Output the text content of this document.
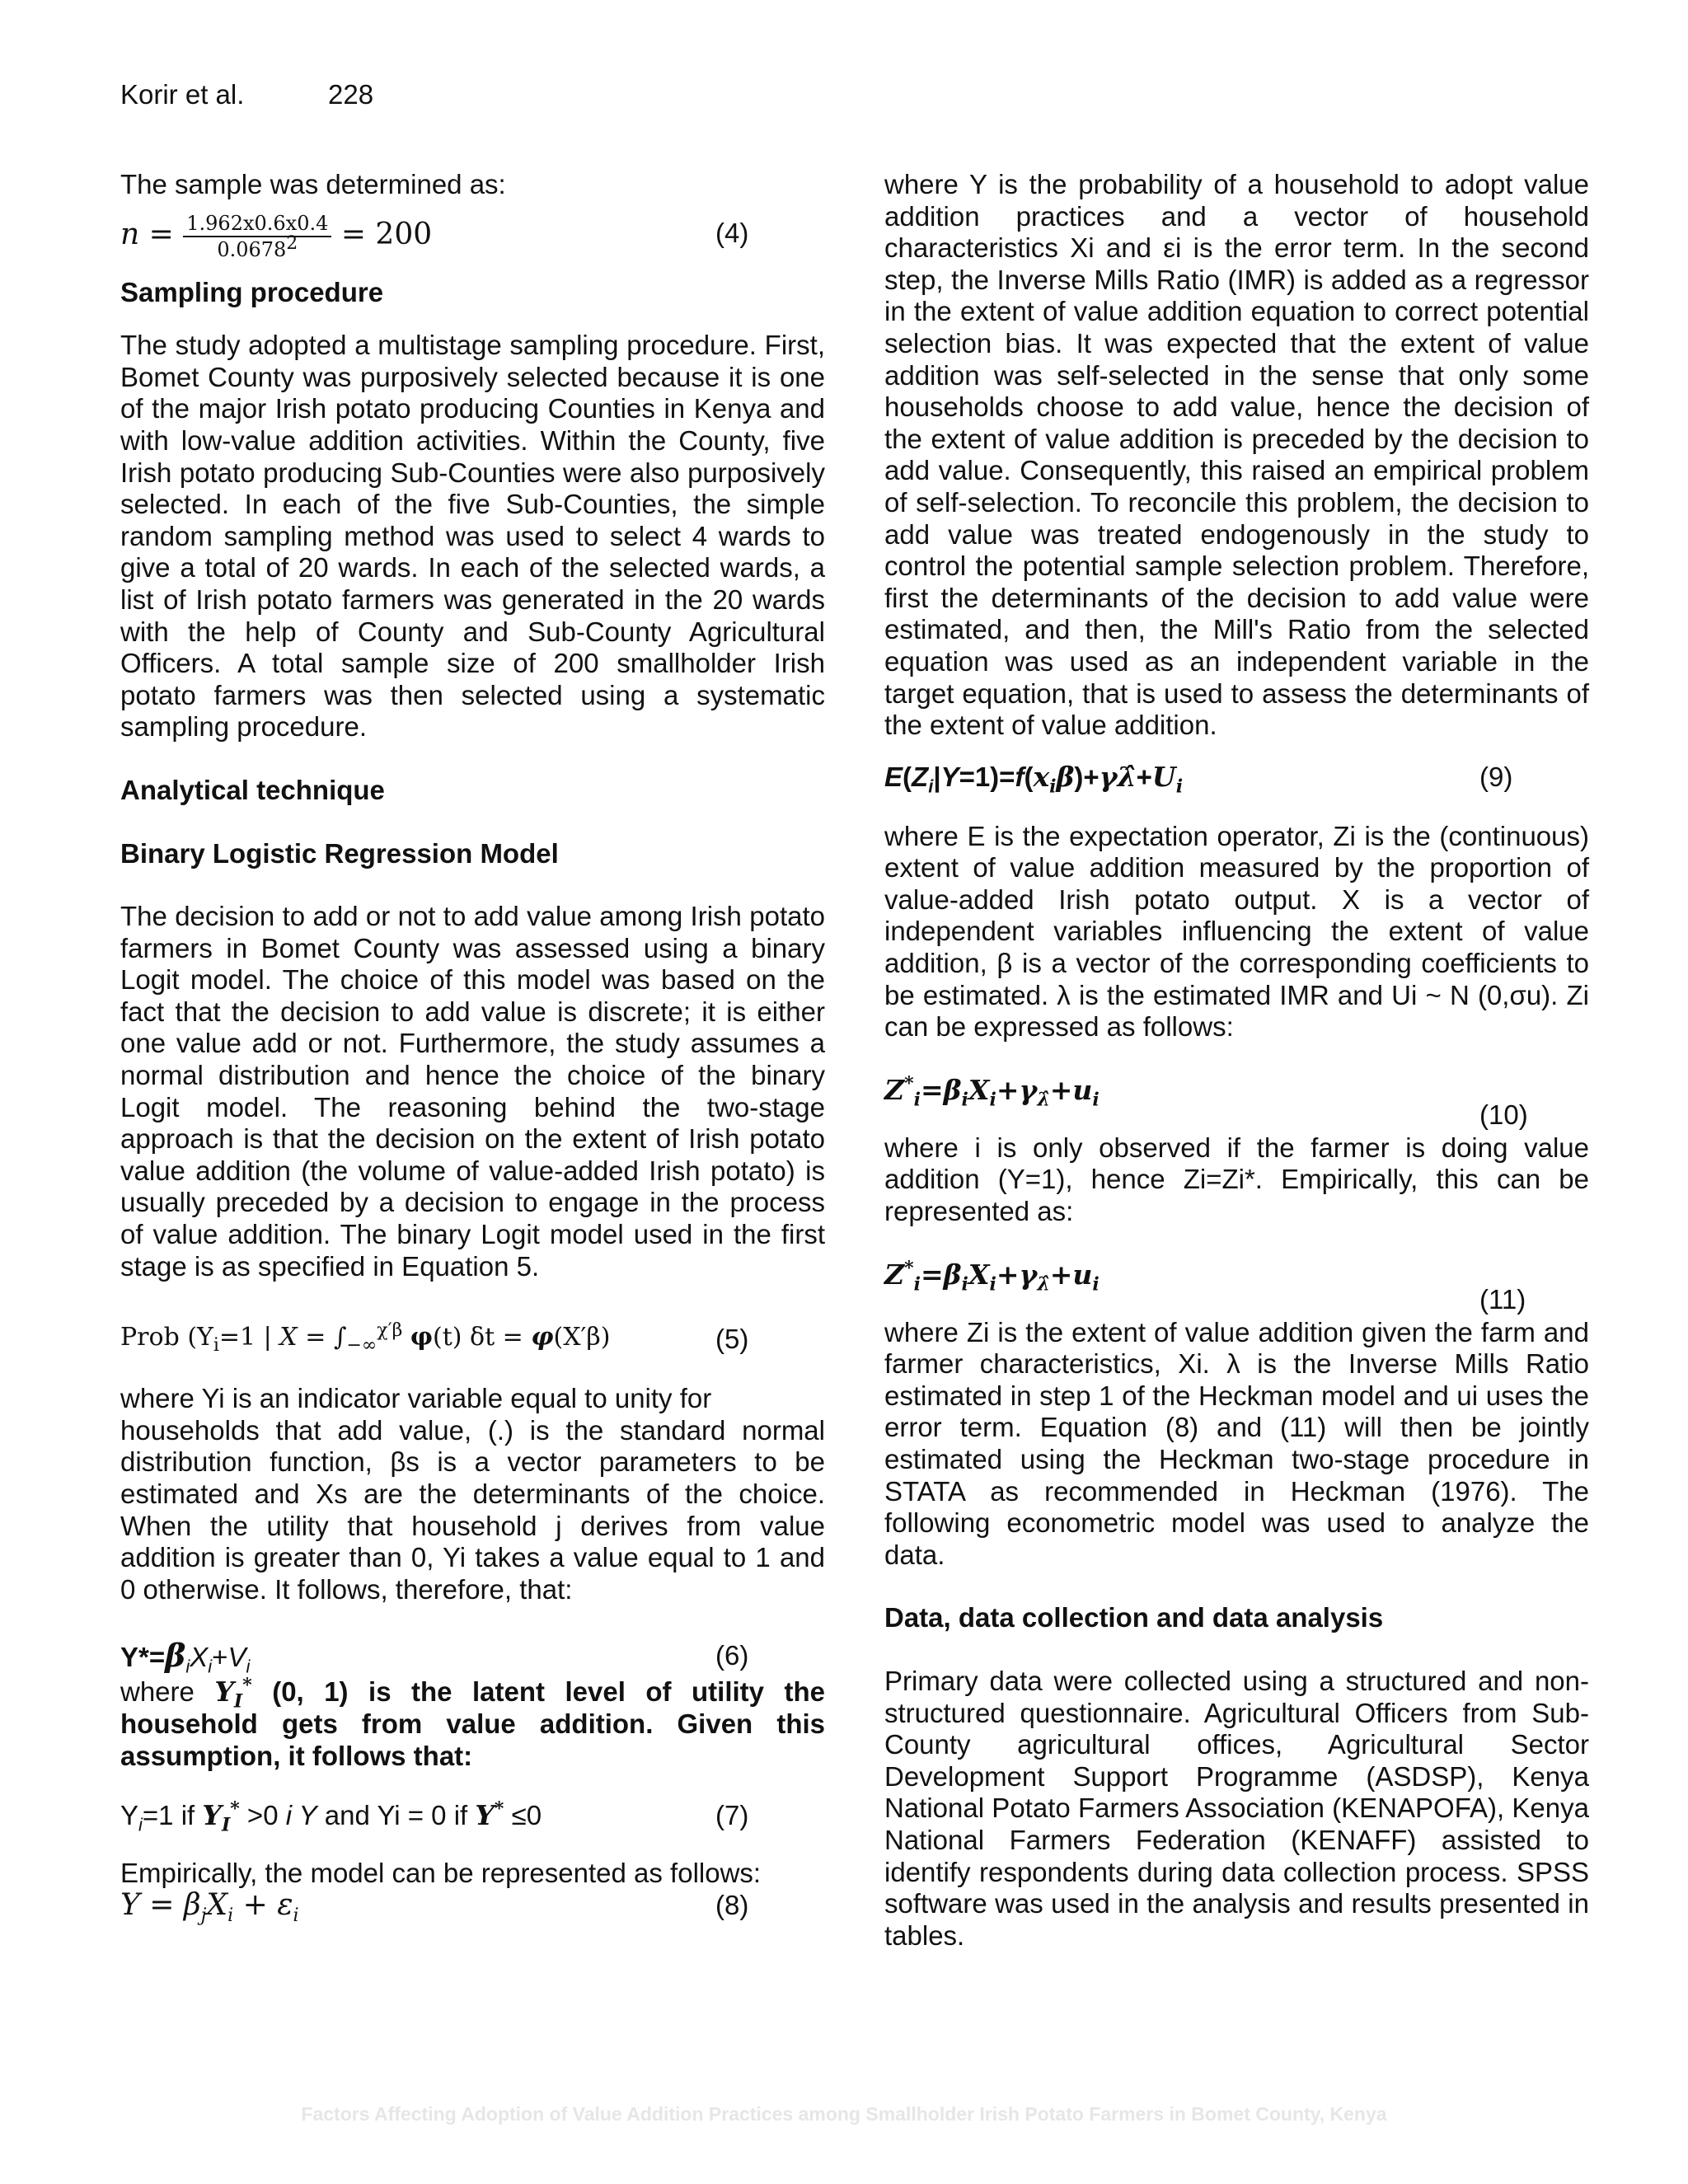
Korir et al.	228

The sample was determined as:

$n = \frac{1.962x0.6x0.4}{0.0678^2} = 200$	(4)

Sampling procedure

The study adopted a multistage sampling procedure. First, Bomet County was purposively selected because it is one of the major Irish potato producing Counties in Kenya and with low-value addition activities. Within the County, five Irish potato producing Sub-Counties were also purposively selected. In each of the five Sub-Counties, the simple random sampling method was used to select 4 wards to give a total of 20 wards. In each of the selected wards, a list of Irish potato farmers was generated in the 20 wards with the help of County and Sub-County Agricultural Officers. A total sample size of 200 smallholder Irish potato farmers was then selected using a systematic sampling procedure.

Analytical technique

Binary Logistic Regression Model

The decision to add or not to add value among Irish potato farmers in Bomet County was assessed using a binary Logit model. The choice of this model was based on the fact that the decision to add value is discrete; it is either one value add or not. Furthermore, the study assumes a normal distribution and hence the choice of the binary Logit model. The reasoning behind the two-stage approach is that the decision on the extent of Irish potato value addition (the volume of value-added Irish potato) is usually preceded by a decision to engage in the process of value addition. The binary Logit model used in the first stage is as specified in Equation 5.

Prob ($Y_i=1$ | $X = \int_{-\infty}^{\chi'\beta}$ φ(t) δt = φ(X′β)	(5)

where Yi is an indicator variable equal to unity for

households that add value, (.) is the standard normal distribution function, βs is a vector parameters to be estimated and Xs are the determinants of the choice. When the utility that household j derives from value addition is greater than 0, Yi takes a value equal to 1 and 0 otherwise. It follows, therefore, that:

$Y*=\beta_iX_i+V_i$	(6)

where $Y_I^*$ (0, 1) is the latent level of utility the household gets from value addition. Given this assumption, it follows that:

$Y_i=1$ if $Y_I^* >0$ i Y and Yi = 0 if Y* ≤0	(7)

Empirically, the model can be represented as follows:

$Y = \beta_jX_i + \varepsilon_i$	(8)

where Y is the probability of a household to adopt value addition practices and a vector of household characteristics Xi and εi is the error term. In the second step, the Inverse Mills Ratio (IMR) is added as a regressor in the extent of value addition equation to correct potential selection bias. It was expected that the extent of value addition was self-selected in the sense that only some households choose to add value, hence the decision of the extent of value addition is preceded by the decision to add value. Consequently, this raised an empirical problem of self-selection. To reconcile this problem, the decision to add value was treated endogenously in the study to control the potential sample selection problem. Therefore, first the determinants of the decision to add value were estimated, and then, the Mill's Ratio from the selected equation was used as an independent variable in the target equation, that is used to assess the determinants of the extent of value addition.

$E(Z_i|Y=1)=f(x_i\beta)+\gamma\lambdâ+U_i$	(9)

where E is the expectation operator, Zi is the (continuous) extent of value addition measured by the proportion of value-added Irish potato output. X is a vector of independent variables influencing the extent of value addition, β is a vector of the corresponding coefficients to be estimated. λ is the estimated IMR and Ui ~ N (0,σu). Zi can be expressed as follows:

$Z^*_i=\beta_iX_i+\gamma_{\lambdâ}+u_i$	(10)

where i is only observed if the farmer is doing value addition (Y=1), hence Zi=Zi*. Empirically, this can be represented as:

$Z^*_i=\beta_iX_i+\gamma_{\lambdâ}+u_i$	(11)

where Zi is the extent of value addition given the farm and farmer characteristics, Xi. λ is the Inverse Mills Ratio estimated in step 1 of the Heckman model and ui uses the error term. Equation (8) and (11) will then be jointly estimated using the Heckman two-stage procedure in STATA as recommended in Heckman (1976). The following econometric model was used to analyze the data.

Data, data collection and data analysis

Primary data were collected using a structured and non-structured questionnaire. Agricultural Officers from Sub-County agricultural offices, Agricultural Sector Development Support Programme (ASDSP), Kenya National Potato Farmers Association (KENAPOFA), Kenya National Farmers Federation (KENAFF) assisted to identify respondents during data collection process. SPSS software was used in the analysis and results presented in tables.

Factors Affecting Adoption of Value Addition Practices among Smallholder Irish Potato Farmers in Bomet County, Kenya
